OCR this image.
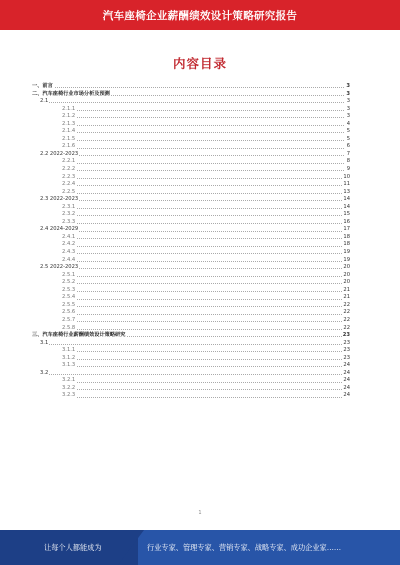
汽车座椅企业薪酬绩效设计策略研究报告
内容目录
一、前言	3
二、汽车座椅行业市场分析及预测	3
2.1	3
2.1.1	3
2.1.2	3
2.1.3	4
2.1.4	5
2.1.5	5
2.1.6	6
2.2 2022-2023	7
2.2.1	8
2.2.2	9
2.2.3	10
2.2.4	11
2.2.5	13
2.3 2022-2023	14
2.3.1	14
2.3.2	15
2.3.3	16
2.4 2024-2029	17
2.4.1	18
2.4.2	18
2.4.3	19
2.4.4	19
2.5 2022-2023	20
2.5.1	20
2.5.2	20
2.5.3	21
2.5.4	21
2.5.5	22
2.5.6	22
2.5.7	22
2.5.8	22
三、汽车座椅行业薪酬绩效设计策略研究	23
3.1	23
3.1.1	23
3.1.2	23
3.1.3	24
3.2	24
3.2.1	24
3.2.2	24
3.2.3	24
1
让每个人都能成为	行业专家、管理专家、营销专家、战略专家、成功企业家……
